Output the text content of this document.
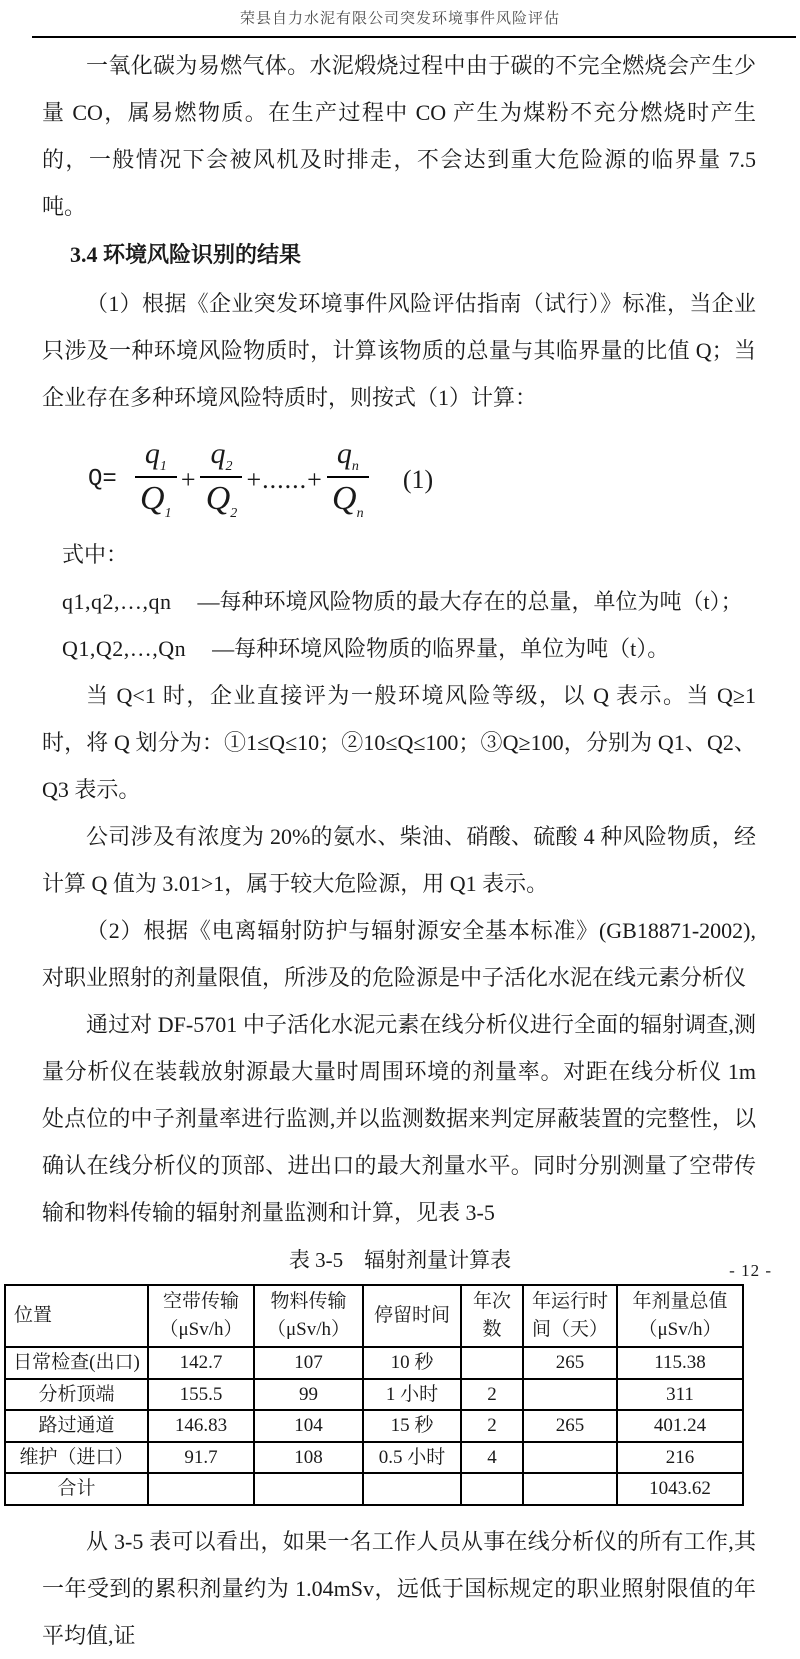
荣县自力水泥有限公司突发环境事件风险评估

一氧化碳为易燃气体。水泥煅烧过程中由于碳的不完全燃烧会产生少量 CO，属易燃物质。在生产过程中 CO 产生为煤粉不充分燃烧时产生的，一般情况下会被风机及时排走，不会达到重大危险源的临界量 7.5 吨。

3.4 环境风险识别的结果

（1）根据《企业突发环境事件风险评估指南（试行）》标准，当企业只涉及一种环境风险物质时，计算该物质的总量与其临界量的比值 Q；当企业存在多种环境风险特质时，则按式（1）计算：

$Q= \frac{q_1}{Q_1} + \frac{q_2}{Q_2}$ +......+ $\frac{q_n}{Q_n} (1)$

式中：

q1,q2,…,qn —每种环境风险物质的最大存在的总量，单位为吨（t）；

Q1,Q2,…,Qn —每种环境风险物质的临界量，单位为吨（t）。

当 Q<1 时，企业直接评为一般环境风险等级，以 Q 表示。当 Q≥1 时，将 Q 划分为：①1≤Q≤10；②10≤Q≤100；③Q≥100，分别为 Q1、Q2、Q3 表示。

公司涉及有浓度为 20%的氨水、柴油、硝酸、硫酸 4 种风险物质，经计算 Q 值为 3.01>1，属于较大危险源，用 Q1 表示。

（2）根据《电离辐射防护与辐射源安全基本标准》(GB18871-2002),对职业照射的剂量限值，所涉及的危险源是中子活化水泥在线元素分析仪

通过对 DF-5701 中子活化水泥元素在线分析仪进行全面的辐射调查,测量分析仪在装载放射源最大量时周围环境的剂量率。对距在线分析仪 1m 处点位的中子剂量率进行监测,并以监测数据来判定屏蔽装置的完整性，以确认在线分析仪的顶部、进出口的最大剂量水平。同时分别测量了空带传输和物料传输的辐射剂量监测和计算，见表 3-5

表 3-5　辐射剂量计算表
位置	空带传输（μSv/h）	物料传输（μSv/h）	停留时间	年次数	年运行时间（天）	年剂量总值（μSv/h）
日常检查(出口)	142.7	107	10 秒		265	115.38
分析顶端	155.5	99	1 小时	2		311
路过通道	146.83	104	15 秒	2	265	401.24
维护（进口）	91.7	108	0.5 小时	4		216
合计						1043.62

从 3-5 表可以看出，如果一名工作人员从事在线分析仪的所有工作,其一年受到的累积剂量约为 1.04mSv，远低于国标规定的职业照射限值的年平均值,证

- 12 -
